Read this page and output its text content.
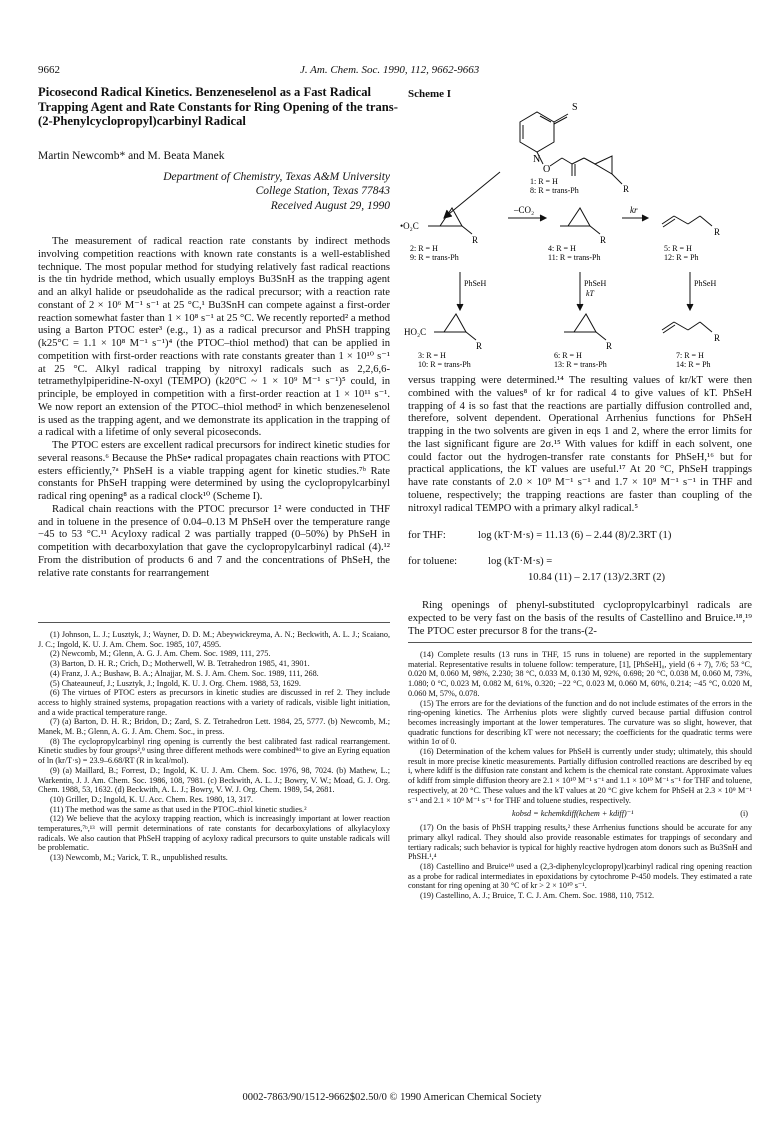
9662	J. Am. Chem. Soc. 1990, 112, 9662-9663
Picosecond Radical Kinetics. Benzeneselenol as a Fast Radical Trapping Agent and Rate Constants for Ring Opening of the trans-(2-Phenylcyclopropyl)carbinyl Radical
Martin Newcomb* and M. Beata Manek
Department of Chemistry, Texas A&M University
College Station, Texas 77843
Received August 29, 1990

The measurement of radical reaction rate constants by indirect methods involving competition reactions with known rate constants is a well-established technique. The most popular method for studying relatively fast radical reactions is the tin hydride method, which usually employs Bu3SnH as the trapping agent and an alkyl halide or pseudohalide as the radical precursor; with a reaction rate constant of 2 × 10⁶ M⁻¹ s⁻¹ at 25 °C,¹ Bu3SnH can compete against a first-order reaction somewhat faster than 1 × 10⁸ s⁻¹ at 25 °C. We recently reported² a method using a Barton PTOC ester³ (e.g., 1) as a radical precursor and PhSH trapping (k25°C = 1.1 × 10⁸ M⁻¹ s⁻¹)⁴ (the PTOC–thiol method) that can be applied in competition with first-order reactions with rate constants greater than 1 × 10¹⁰ s⁻¹ at 25 °C. Alkyl radical trapping by nitroxyl radicals such as 2,2,6,6-tetramethylpiperidine-N-oxyl (TEMPO) (k20°C ~ 1 × 10⁹ M⁻¹ s⁻¹)⁵ could, in principle, be employed in competition with a first-order reaction at 1 × 10¹¹ s⁻¹. We now report an extension of the PTOC–thiol method² in which benzeneselenol is used as the trapping agent, and we demonstrate its application in the trapping of a radical with a lifetime of only several picoseconds.

The PTOC esters are excellent radical precursors for indirect kinetic studies for several reasons.⁶ Because the PhSe• radical propagates chain reactions with PTOC esters efficiently,⁷ᵃ PhSeH is a viable trapping agent for kinetic studies.⁷ᵇ Rate constants for PhSeH trapping were determined by using the cyclopropylcarbinyl radical ring opening⁸ as a radical clock¹⁰ (Scheme I).

Radical chain reactions with the PTOC precursor 1² were conducted in THF and in toluene in the presence of 0.04–0.13 M PhSeH over the temperature range −45 to 53 °C.¹¹ Acyloxy radical 2 was partially trapped (0–50%) by PhSeH in competition with decarboxylation that gave the cyclopropylcarbinyl radical (4).¹² From the distribution of products 6 and 7 and the concentrations of PhSeH, the relative rate constants for rearrangement

(1) Johnson, L. J.; Lusztyk, J.; Wayner, D. D. M.; Abeywickreyma, A. N.; Beckwith, A. L. J.; Scaiano, J. C.; Ingold, K. U. J. Am. Chem. Soc. 1985, 107, 4595.

(2) Newcomb, M.; Glenn, A. G. J. Am. Chem. Soc. 1989, 111, 275.

(3) Barton, D. H. R.; Crich, D.; Motherwell, W. B. Tetrahedron 1985, 41, 3901.

(4) Franz, J. A.; Bushaw, B. A.; Alnajjar, M. S. J. Am. Chem. Soc. 1989, 111, 268.

(5) Chateauneuf, J.; Lusztyk, J.; Ingold, K. U. J. Org. Chem. 1988, 53, 1629.

(6) The virtues of PTOC esters as precursors in kinetic studies are discussed in ref 2. They include access to highly strained systems, propagation reactions with a variety of radicals, visible light initiation, and a wide practical temperature range.

(7) (a) Barton, D. H. R.; Bridon, D.; Zard, S. Z. Tetrahedron Lett. 1984, 25, 5777. (b) Newcomb, M.; Manek, M. B.; Glenn, A. G. J. Am. Chem. Soc., in press.

(8) The cyclopropylcarbinyl ring opening is currently the best calibrated fast radical rearrangement. Kinetic studies by four groups²,⁹ using three different methods were combined⁹ᵈ to give an Eyring equation of ln (kr/T·s) = 23.9–6.68/RT (R in kcal/mol).

(9) (a) Maillard, B.; Forrest, D.; Ingold, K. U. J. Am. Chem. Soc. 1976, 98, 7024. (b) Mathew, L.; Warkentin, J. J. Am. Chem. Soc. 1986, 108, 7981. (c) Beckwith, A. L. J.; Bowry, V. W.; Moad, G. J. Org. Chem. 1988, 53, 1632. (d) Beckwith, A. L. J.; Bowry, V. W. J. Org. Chem. 1989, 54, 2681.

(10) Griller, D.; Ingold, K. U. Acc. Chem. Res. 1980, 13, 317.

(11) The method was the same as that used in the PTOC–thiol kinetic studies.²

(12) We believe that the acyloxy trapping reaction, which is increasingly important at lower reaction temperatures,⁷ᵇ,¹³ will permit determinations of rate constants for decarboxylations of alkylacyloxy radicals. We also caution that PhSeH trapping of acyloxy radical precursors to quite unstable radicals will be problematic.

(13) Newcomb, M.; Varick, T. R., unpublished results.

Scheme I
S
N
O
R
1: R = H
8: R = trans-Ph
•O₂C
R
–CO₂
R
kr
R
2: R = H
9: R = trans-Ph
4: R = H
11: R = trans-Ph
5: R = H
12: R = Ph
PhSeH	PhSeH
kT
PhSeH
HO₂C
R	R
R
3: R = H
10: R = trans-Ph
6: R = H
13: R = trans-Ph
7: R = H
14: R = Ph

versus trapping were determined.¹⁴ The resulting values of kr/kT were then combined with the values⁸ of kr for radical 4 to give values of kT. PhSeH trapping of 4 is so fast that the reactions are partially diffusion controlled and, therefore, solvent dependent. Operational Arrhenius functions for PhSeH trapping in the two solvents are given in eqs 1 and 2, where the error limits for the last significant figure are 2σ.¹⁵ With values for kdiff in each solvent, one could factor out the hydrogen-transfer rate constants for PhSeH,¹⁶ but for practical applications, the kT values are useful.¹⁷ At 20 °C, PhSeH trappings have rate constants of 2.0 × 10⁹ M⁻¹ s⁻¹ and 1.7 × 10⁹ M⁻¹ s⁻¹ in THF and toluene, respectively; the trapping reactions are faster than coupling of the nitroxyl radical TEMPO with a primary alkyl radical.⁵

for THF:	log (kT·M·s) = 11.13 (6) – 2.44 (8)/2.3RT (1)
for toluene:	log (kT·M·s) =
10.84 (11) – 2.17 (13)/2.3RT (2)

Ring openings of phenyl-substituted cyclopropylcarbinyl radicals are expected to be very fast on the basis of the results of Castellino and Bruice.¹⁸,¹⁹ The PTOC ester precursor 8 for the trans-(2-

(14) Complete results (13 runs in THF, 15 runs in toluene) are reported in the supplementary material. Representative results in toluene follow: temperature, [1], [PhSeH]₀, yield (6 + 7), 7/6; 53 °C, 0.020 M, 0.060 M, 98%, 2.230; 38 °C, 0.033 M, 0.130 M, 92%, 0.698; 20 °C, 0.038 M, 0.060 M, 73%, 1.080; 0 °C, 0.023 M, 0.082 M, 61%, 0.320; −22 °C, 0.023 M, 0.060 M, 60%, 0.214; −45 °C, 0.020 M, 0.060 M, 57%, 0.078.

(15) The errors are for the deviations of the function and do not include estimates of the errors in the ring-opening kinetics. The Arrhenius plots were slightly curved because partial diffusion control becomes increasingly important at the lower temperatures. The curvature was so slight, however, that quadratic functions for describing kT were not necessary; the coefficients for the quadratic terms were within 1σ of 0.

(16) Determination of the kchem values for PhSeH is currently under study; ultimately, this should result in more precise kinetic measurements. Partially diffusion controlled reactions are described by eq i, where kdiff is the diffusion rate constant and kchem is the chemical rate constant. Approximate values of kdiff from simple diffusion theory are 2.1 × 10¹⁰ M⁻¹ s⁻¹ and 1.1 × 10¹⁰ M⁻¹ s⁻¹ for THF and toluene, respectively, at 20 °C. These values and the kT values at 20 °C give kchem for PhSeH at 2.3 × 10⁹ M⁻¹ s⁻¹ and 2.1 × 10⁹ M⁻¹ s⁻¹ for THF and toluene studies, respectively.

kobsd = kchemkdiff(kchem + kdiff)⁻¹	(i)

(17) On the basis of PhSH trapping results,² these Arrhenius functions should be accurate for any primary alkyl radical. They should also provide reasonable estimates for trappings of secondary and tertiary radicals; such behavior is typical for highly reactive hydrogen atom donors such as Bu3SnH and PhSH.¹,⁴

(18) Castellino and Bruice¹⁹ used a (2,3-diphenylcyclopropyl)carbinyl radical ring opening reaction as a probe for radical intermediates in epoxidations by cytochrome P-450 models. They estimated a rate constant for ring opening at 30 °C of kr > 2 × 10¹⁰ s⁻¹.

(19) Castellino, A. J.; Bruice, T. C. J. Am. Chem. Soc. 1988, 110, 7512.

0002-7863/90/1512-9662$02.50/0 © 1990 American Chemical Society
